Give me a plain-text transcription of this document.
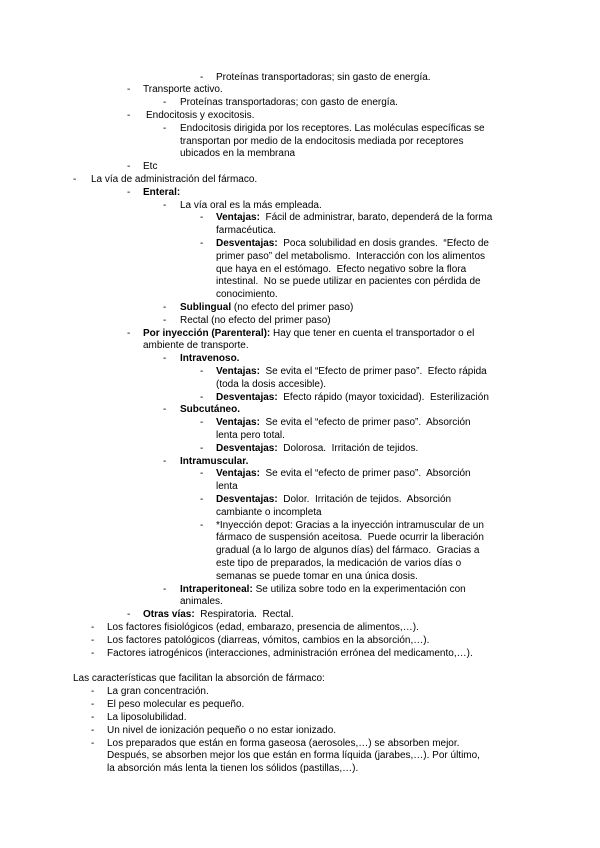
- Proteínas transportadoras; sin gasto de energía.
- Transporte activo.
- Proteínas transportadoras; con gasto de energía.
- Endocitosis y exocitosis.
- Endocitosis dirigida por los receptores. Las moléculas específicas se
transportan por medio de la endocitosis mediada por receptores
ubicados en la membrana
- Etc
- La vía de administración del fármaco.
- Enteral:
- La vía oral es la más empleada.
- Ventajas:  Fácil de administrar, barato, dependerá de la forma
farmacéutica.
- Desventajas:  Poca solubilidad en dosis grandes.  “Efecto de
primer paso” del metabolismo.  Interacción con los alimentos
que haya en el estómago.  Efecto negativo sobre la flora
intestinal.  No se puede utilizar en pacientes con pérdida de
conocimiento.
- Sublingual (no efecto del primer paso)
- Rectal (no efecto del primer paso)
- Por inyección (Parenteral): Hay que tener en cuenta el transportador o el
ambiente de transporte.
- Intravenoso.
- Ventajas:  Se evita el “Efecto de primer paso”.  Efecto rápida
(toda la dosis accesible).
- Desventajas:  Efecto rápido (mayor toxicidad).  Esterilización
- Subcutáneo.
- Ventajas:  Se evita el “efecto de primer paso”.  Absorción
lenta pero total.
- Desventajas:  Dolorosa.  Irritación de tejidos.
- Intramuscular.
- Ventajas:  Se evita el “efecto de primer paso”.  Absorción
lenta
- Desventajas:  Dolor.  Irritación de tejidos.  Absorción
cambiante o incompleta
- *Inyección depot: Gracias a la inyección intramuscular de un
fármaco de suspensión aceitosa.  Puede ocurrir la liberación
gradual (a lo largo de algunos días) del fármaco.  Gracias a
este tipo de preparados, la medicación de varios días o
semanas se puede tomar en una única dosis.
- Intraperitoneal: Se utiliza sobre todo en la experimentación con
animales.
- Otras vías:  Respiratoria.  Rectal.
- Los factores fisiológicos (edad, embarazo, presencia de alimentos,…).
- Los factores patológicos (diarreas, vómitos, cambios en la absorción,…).
- Factores iatrogénicos (interacciones, administración errónea del medicamento,…).
Las características que facilitan la absorción de fármaco:
- La gran concentración.
- El peso molecular es pequeño.
- La liposolubilidad.
- Un nivel de ionización pequeño o no estar ionizado.
- Los preparados que están en forma gaseosa (aerosoles,…) se absorben mejor.
Después, se absorben mejor los que están en forma líquida (jarabes,…). Por último,
la absorción más lenta la tienen los sólidos (pastillas,…).
